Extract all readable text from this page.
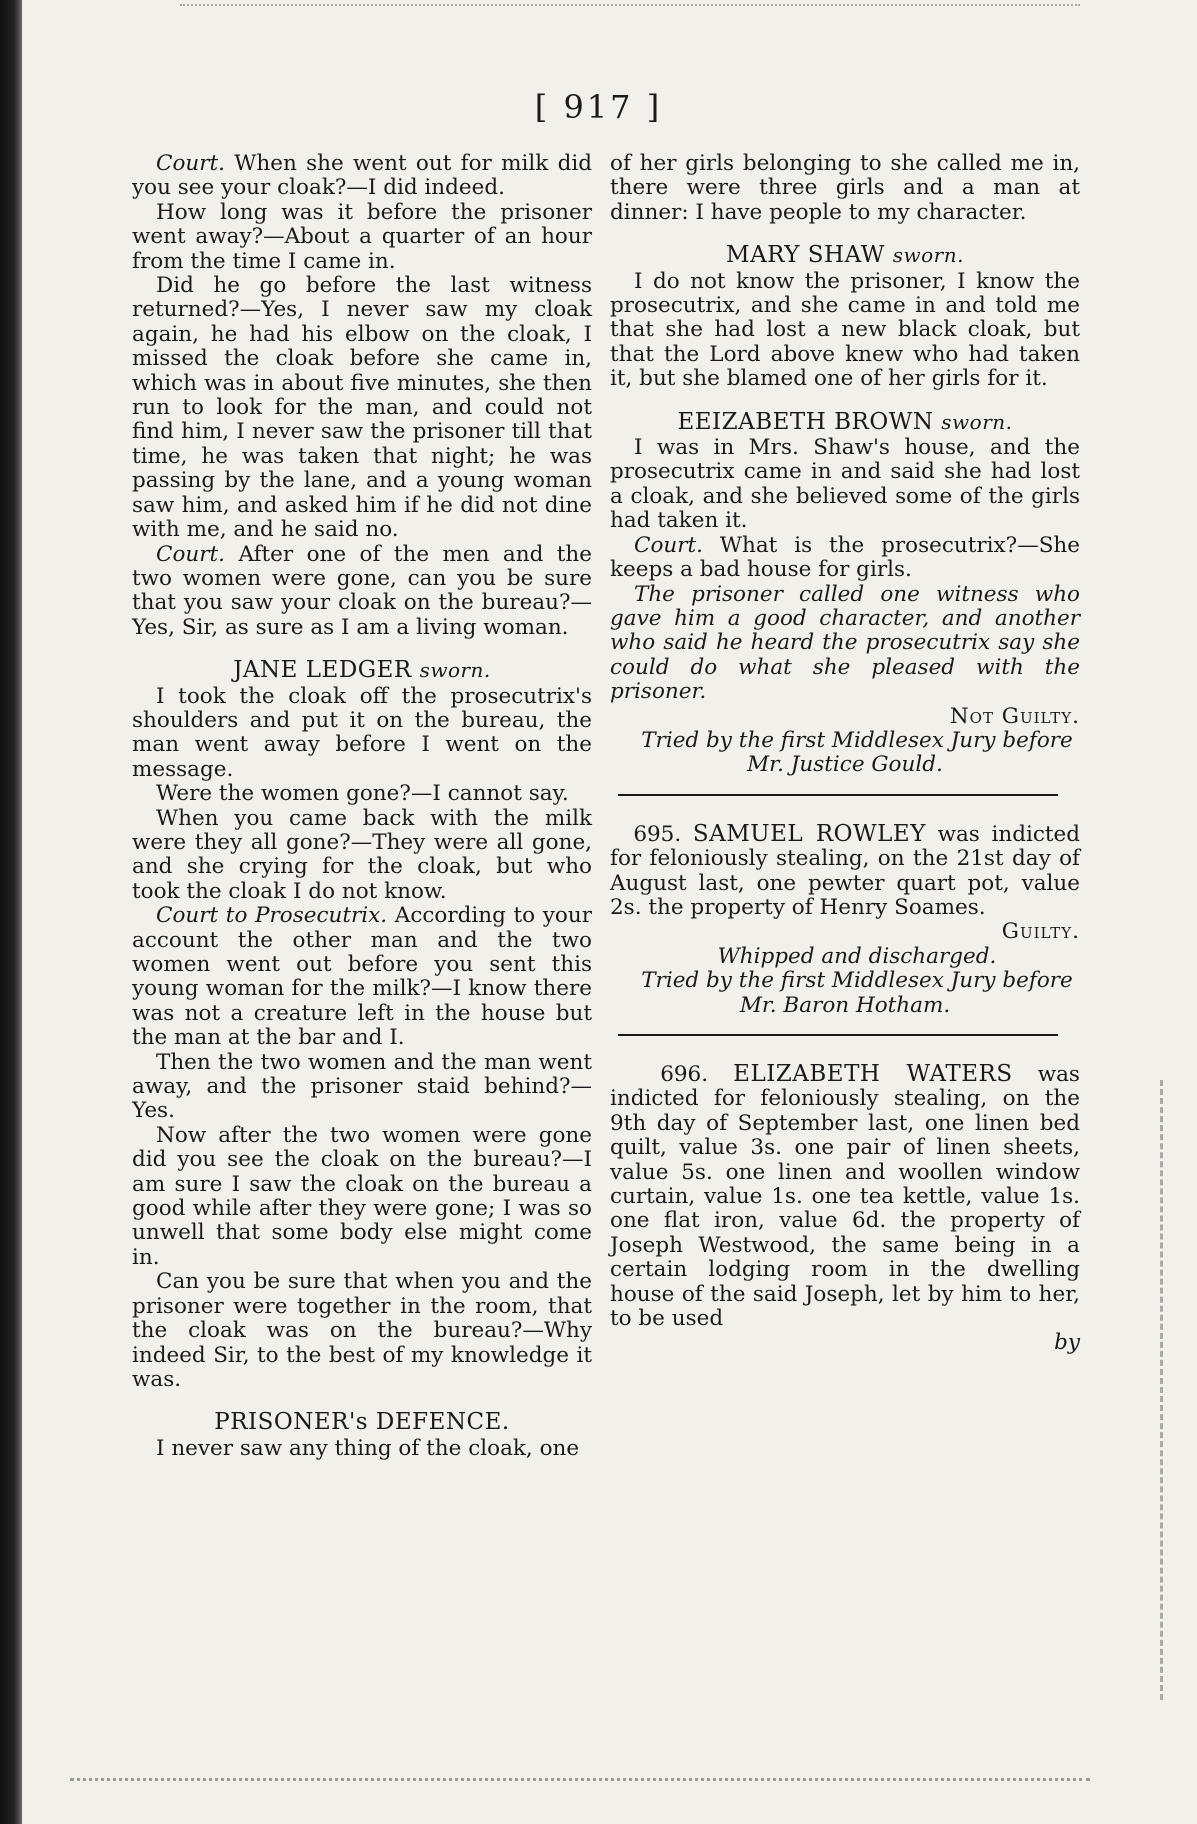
[ 917 ]

Court. When she went out for milk did you see your cloak?—I did indeed.

How long was it before the prisoner went away?—About a quarter of an hour from the time I came in.

Did he go before the last witness returned?—Yes, I never saw my cloak again, he had his elbow on the cloak, I missed the cloak before she came in, which was in about five minutes, she then run to look for the man, and could not find him, I never saw the prisoner till that time, he was taken that night; he was passing by the lane, and a young woman saw him, and asked him if he did not dine with me, and he said no.

Court. After one of the men and the two women were gone, can you be sure that you saw your cloak on the bureau?—Yes, Sir, as sure as I am a living woman.

JANE LEDGER sworn.

I took the cloak off the prosecutrix's shoulders and put it on the bureau, the man went away before I went on the message.

Were the women gone?—I cannot say.

When you came back with the milk were they all gone?—They were all gone, and she crying for the cloak, but who took the cloak I do not know.

Court to Prosecutrix. According to your account the other man and the two women went out before you sent this young woman for the milk?—I know there was not a creature left in the house but the man at the bar and I.

Then the two women and the man went away, and the prisoner staid behind?—Yes.

Now after the two women were gone did you see the cloak on the bureau?—I am sure I saw the cloak on the bureau a good while after they were gone; I was so unwell that some body else might come in.

Can you be sure that when you and the prisoner were together in the room, that the cloak was on the bureau?—Why indeed Sir, to the best of my knowledge it was.

PRISONER's DEFENCE.

I never saw any thing of the cloak, one

of her girls belonging to she called me in, there were three girls and a man at dinner: I have people to my character.

MARY SHAW sworn.

I do not know the prisoner, I know the prosecutrix, and she came in and told me that she had lost a new black cloak, but that the Lord above knew who had taken it, but she blamed one of her girls for it.

EEIZABETH BROWN sworn.

I was in Mrs. Shaw's house, and the prosecutrix came in and said she had lost a cloak, and she believed some of the girls had taken it.

Court. What is the prosecutrix?—She keeps a bad house for girls.

The prisoner called one witness who gave him a good character, and another who said he heard the prosecutrix say she could do what she pleased with the prisoner.

Not Guilty.

Tried by the first Middlesex Jury before Mr. Justice Gould.

695. SAMUEL ROWLEY was indicted for feloniously stealing, on the 21st day of August last, one pewter quart pot, value 2s. the property of Henry Soames.

Guilty.

Whipped and discharged.

Tried by the first Middlesex Jury before Mr. Baron Hotham.

696. ELIZABETH WATERS was indicted for feloniously stealing, on the 9th day of September last, one linen bed quilt, value 3s. one pair of linen sheets, value 5s. one linen and woollen window curtain, value 1s. one tea kettle, value 1s. one flat iron, value 6d. the property of Joseph Westwood, the same being in a certain lodging room in the dwelling house of the said Joseph, let by him to her, to be used

by
